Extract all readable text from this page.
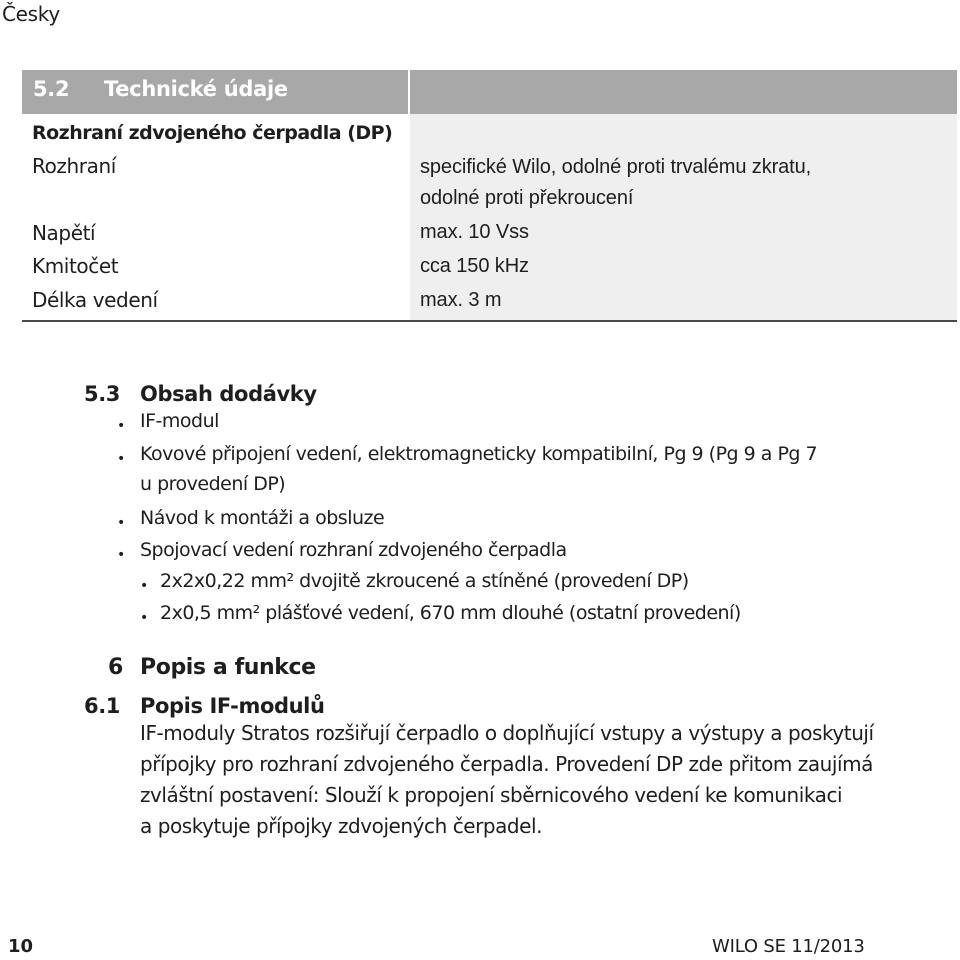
Česky
5.2 Technické údaje
Rozhraní zdvojeného čerpadla (DP)
Rozhraní	specifické Wilo, odolné proti trvalému zkratu,
odolné proti překroucení
Napětí	max. 10 Vss
Kmitočet	cca 150 kHz
Délka vedení	max. 3 m
5.3 Obsah dodávky
• IF-modul
• Kovové připojení vedení, elektromagneticky kompatibilní, Pg 9 (Pg 9 a Pg 7
u provedení DP)
• Návod k montáži a obsluze
• Spojovací vedení rozhraní zdvojeného čerpadla
• 2x2x0,22 mm² dvojitě zkroucené a stíněné (provedení DP)
• 2x0,5 mm² plášťové vedení, 670 mm dlouhé (ostatní provedení)
6 Popis a funkce
6.1 Popis IF-modulů
IF-moduly Stratos rozšiřují čerpadlo o doplňující vstupy a výstupy a poskytují
přípojky pro rozhraní zdvojeného čerpadla. Provedení DP zde přitom zaujímá
zvláštní postavení: Slouží k propojení sběrnicového vedení ke komunikaci
a poskytuje přípojky zdvojených čerpadel.
10	WILO SE 11/2013
